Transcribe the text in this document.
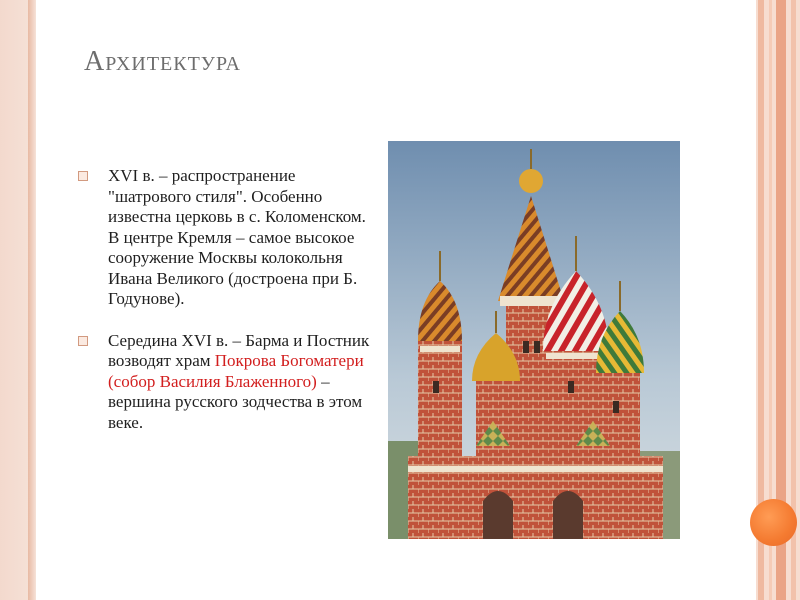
Архитектура
XVI в. – распространение "шатрового стиля". Особенно известна церковь в с. Коломенском. В центре Кремля – самое высокое сооружение Москвы колокольня Ивана Великого (достроена при Б. Годунове).
Середина XVI в. – Барма и Постник возводят храм Покрова Богоматери (собор Василия Блаженного) – вершина русского зодчества в этом веке.
